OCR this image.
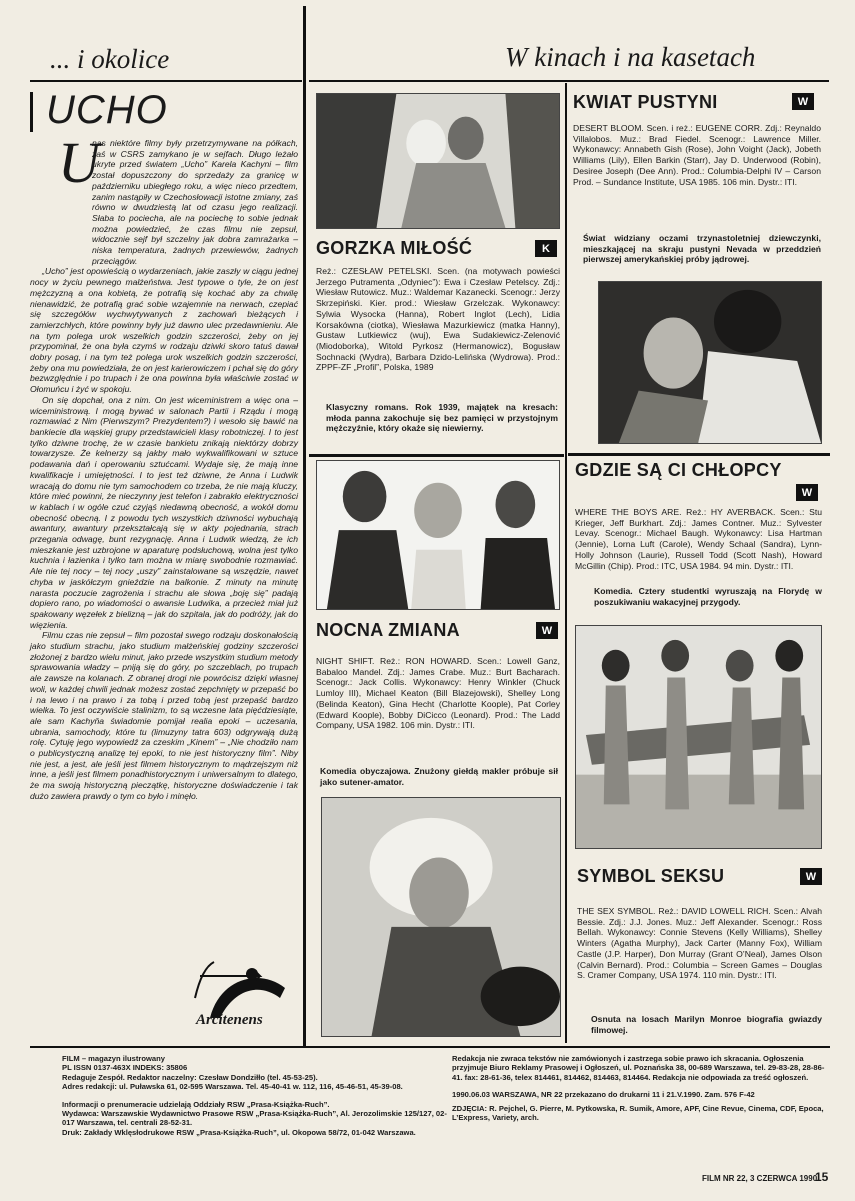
... i okolice	W kinach i na kasetach
UCHO
U

nas niektóre filmy były przetrzymywane na półkach, zaś w CSRS zamykano je w sejfach. Długo leżało ukryte przed światem „Ucho” Karela Kachyni – film został dopuszczony do sprzedaży za granicę w październiku ubiegłego roku, a więc nieco przedtem, zanim nastąpiły w Czechosłowacji istotne zmiany, zaś równo w dwudziestą lat od czasu jego realizacji. Słaba to pociecha, ale na pociechę to sobie jednak można powiedzieć, że czas filmu nie zepsuł, widocznie sejf był szczelny jak dobra zamrażarka – niska temperatura, żadnych przewiewów, żadnych przeciągów.

„Ucho” jest opowieścią o wydarzeniach, jakie zaszły w ciągu jednej nocy w życiu pewnego małżeństwa. Jest typowe o tyle, że on jest mężczyzną a ona kobietą, że potrafią się kochać aby za chwilę nienawidzić, że potrafią grać sobie wzajemnie na nerwach, czepiać się szczegółów wychwytywanych z zachowań bieżących i zamierzchłych, które powinny były już dawno ulec przedawnieniu. Ale na tym polega urok wszelkich godzin szczerości, żeby on jej przypominał, że ona była czymś w rodzaju dziwki skoro tatuś dawał dobry posag, i na tym też polega urok wszelkich godzin szczerości, żeby ona mu powiedziała, że on jest karierowiczem i pchał się do góry bezwzględnie i po trupach i że ona powinna była właściwie zostać w Ołomuńcu i żyć w spokoju.

On się dopchał, ona z nim. On jest wiceministrem a więc ona – wiceministrową. I mogą bywać w salonach Partii i Rządu i mogą rozmawiać z Nim (Pierwszym? Prezydentem?) i wesoło się bawić na bankiecie dla wąskiej grupy przedstawicieli klasy robotniczej. I to jest tylko dziwne trochę, że w czasie bankietu znikają niektórzy dobrzy towarzysze. Że kelnerzy są jakby mało wykwalifikowani w sztuce podawania dań i operowaniu sztućcami. Wydaje się, że mają inne kwalifikacje i umiejętności. I to jest też dziwne, że Anna i Ludwik wracają do domu nie tym samochodem co trzeba, że nie mają kluczy, które mieć powinni, że nieczynny jest telefon i zabrakło elektryczności w kablach i w ogóle czuć czyjąś niedawną obecność, a wokół domu obecność obecną. I z powodu tych wszystkich dziwności wybuchają awantury, awantury przekształcają się w akty pojednania, strach przegania odwagę, bunt rezygnację. Anna i Ludwik wiedzą, że ich mieszkanie jest uzbrojone w aparaturę podsłuchową, wolna jest tylko kuchnia i łazienka i tylko tam można w miarę swobodnie rozmawiać. Ale nie tej nocy – tej nocy „uszy” zainstalowane są wszędzie, nawet chyba w jaskółczym gnieździe na balkonie. Z minuty na minutę narasta poczucie zagrożenia i strachu ale słowa „boję się” padają dopiero rano, po wiadomości o awansie Ludwika, a przecież miał już spakowany węzełek z bielizną – jak do szpitala, jak do podróży, jak do więzienia.

Filmu czas nie zepsuł – film pozostał swego rodzaju doskonałością jako studium strachu, jako studium małżeńskiej godziny szczerości złożonej z bardzo wielu minut, jako przede wszystkim studium metody sprawowania władzy – pniją się do góry, po szczeblach, po trupach ale zawsze na kolanach. Z obranej drogi nie powrócisz dzięki własnej woli, w każdej chwili jednak możesz zostać zepchnięty w przepaść bo i na lewo i na prawo i za tobą i przed tobą jest przepaść bardzo wielka. To jest oczywiście stalinizm, to są wczesne lata pięćdziesiąte, ale sam Kachyňa świadomie pomijał realia epoki – uczesania, ubrania, samochody, które tu (limuzyny tatra 603) odgrywają dużą rolę. Cytuję jego wypowiedź za czeskim „Kinem” – „Nie chodziło nam o publicystyczną analizę tej epoki, to nie jest historyczny film”. Niby nie jest, a jest, ale jeśli jest filmem historycznym to mądrzejszym niż inne, a jeśli jest filmem ponadhistorycznym i uniwersalnym to dlatego, że ma swoją historyczną pieczątkę, historyczne doświadczenie i tak dużo zawiera prawdy o tym co było i minęło.

Arcitenens
GORZKA MIŁOŚĆ	K
Reż.: CZESŁAW PETELSKI. Scen. (na motywach powieści Jerzego Putramenta „Odyniec”): Ewa i Czesław Petelscy. Zdj.: Wiesław Rutowicz. Muz.: Waldemar Kazanecki. Scenogr.: Jerzy Skrzepiński. Kier. prod.: Wiesław Grzelczak. Wykonawcy: Sylwia Wysocka (Hanna), Robert Inglot (Lech), Lidia Korsakówna (ciotka), Wiesława Mazurkiewicz (matka Hanny), Gustaw Lutkiewicz (wuj), Ewa Sudakiewicz-Zelenović (Miodoborka), Witold Pyrkosz (Hermanowicz), Bogusław Sochnacki (Wydra), Barbara Dzido-Lelińska (Wydrowa). Prod.: ZPPF-ZF „Profil”, Polska, 1989
Klasyczny romans. Rok 1939, majątek na kresach: młoda panna zakochuje się bez pamięci w przystojnym mężczyźnie, który okaże się niewierny.
NOCNA ZMIANA	W
NIGHT SHIFT. Reż.: RON HOWARD. Scen.: Lowell Ganz, Babaloo Mandel. Zdj.: James Crabe. Muz.: Burt Bacharach. Scenogr.: Jack Collis. Wykonawcy: Henry Winkler (Chuck Lumloy III), Michael Keaton (Bill Blazejowski), Shelley Long (Belinda Keaton), Gina Hecht (Charlotte Koople), Pat Corley (Edward Koople), Bobby DiCicco (Leonard). Prod.: The Ladd Company, USA 1982. 106 min. Dystr.: ITI.
Komedia obyczajowa. Znużony giełdą makler próbuje sił jako sutener-amator.
KWIAT PUSTYNI	W
DESERT BLOOM. Scen. i reż.: EUGENE CORR. Zdj.: Reynaldo Villalobos. Muz.: Brad Fiedel. Scenogr.: Lawrence Miller. Wykonawcy: Annabeth Gish (Rose), John Voight (Jack), Jobeth Williams (Lily), Ellen Barkin (Starr), Jay D. Underwood (Robin), Desiree Joseph (Dee Ann). Prod.: Columbia-Delphi IV – Carson Prod. – Sundance Institute, USA 1985. 106 min. Dystr.: ITI.
Świat widziany oczami trzynastoletniej dziewczynki, mieszkającej na skraju pustyni Nevada w przeddzień pierwszej amerykańskiej próby jądrowej.
GDZIE SĄ CI CHŁOPCY
W
WHERE THE BOYS ARE. Reż.: HY AVERBACK. Scen.: Stu Krieger, Jeff Burkhart. Zdj.: James Contner. Muz.: Sylvester Levay. Scenogr.: Michael Baugh. Wykonawcy: Lisa Hartman (Jennie), Lorna Luft (Carole), Wendy Schaal (Sandra), Lynn-Holly Johnson (Laurie), Russell Todd (Scott Nash), Howard McGillin (Chip). Prod.: ITC, USA 1984. 94 min. Dystr.: ITI.
Komedia. Cztery studentki wyruszają na Florydę w poszukiwaniu wakacyjnej przygody.
SYMBOL SEKSU	W
THE SEX SYMBOL. Reż.: DAVID LOWELL RICH. Scen.: Alvah Bessie. Zdj.: J.J. Jones. Muz.: Jeff Alexander. Scenogr.: Ross Bellah. Wykonawcy: Connie Stevens (Kelly Williams), Shelley Winters (Agatha Murphy), Jack Carter (Manny Fox), William Castle (J.P. Harper), Don Murray (Grant O’Neal), James Olson (Calvin Bernard). Prod.: Columbia – Screen Games – Douglas S. Cramer Company, USA 1974. 110 min. Dystr.: ITI.
Osnuta na losach Marilyn Monroe biografia gwiazdy filmowej.
FILM – magazyn ilustrowany
PL ISSN 0137-463X INDEKS: 35806
Redaguje Zespół. Redaktor naczelny: Czesław Dondziłło (tel. 45-53-25).
Adres redakcji: ul. Puławska 61, 02-595 Warszawa. Tel. 45-40-41 w. 112, 116, 45-46-51, 45-39-08.
Informacji o prenumeracie udzielają Oddziały RSW „Prasa-Książka-Ruch”.
Wydawca: Warszawskie Wydawnictwo Prasowe RSW „Prasa-Książka-Ruch”, Al. Jerozolimskie 125/127, 02-017 Warszawa, tel. centrali 28-52-31.
Druk: Zakłady Wklęsłodrukowe RSW „Prasa-Książka-Ruch”, ul. Okopowa 58/72, 01-042 Warszawa.
Redakcja nie zwraca tekstów nie zamówionych i zastrzega sobie prawo ich skracania. Ogłoszenia przyjmuje Biuro Reklamy Prasowej i Ogłoszeń, ul. Poznańska 38, 00-689 Warszawa, tel. 29-83-28, 28-86-41. fax: 28-61-36, telex 814461, 814462, 814463, 814464. Redakcja nie odpowiada za treść ogłoszeń.
1990.06.03 WARSZAWA, NR 22 przekazano do drukarni 11 i 21.V.1990. Zam. 576 F-42
ZDJĘCIA: R. Pejchel, G. Pierre, M. Pytkowska, R. Sumik, Amore, APF, Cine Revue, Cinema, CDF, Epoca, L’Express, Variety, arch.
FILM NR 22, 3 CZERWCA 1990
15
